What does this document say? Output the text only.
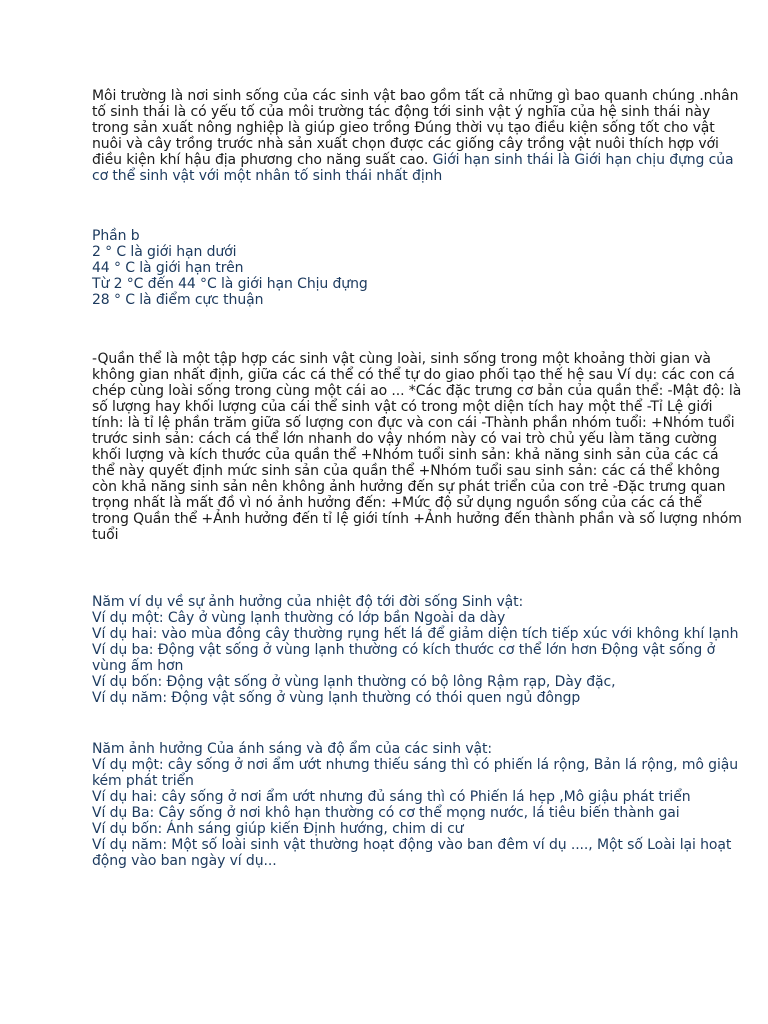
Môi trường là nơi sinh sống của các sinh vật bao gồm tất cả những gì bao quanh chúng .nhân tố sinh thái là có yếu tố của môi trường tác động tới sinh vật ý nghĩa của hệ sinh thái này trong sản xuất nông nghiệp là giúp gieo trồng Đúng thời vụ tạo điều kiện sống tốt cho vật nuôi và cây trồng trước nhà sản xuất chọn được các giống cây trồng vật nuôi thích hợp với điều kiện khí hậu địa phương cho năng suất cao. Giới hạn sinh thái là Giới hạn chịu đựng của cơ thể sinh vật với một nhân tố sinh thái nhất định

Phần b
2 ° C là giới hạn dưới
44 ° C là giới hạn trên
Từ 2 °C đến 44 °C là giới hạn Chịu đựng
28 ° C là điểm cực thuận

-Quần thể là một tập hợp các sinh vật cùng loài, sinh sống trong một khoảng thời gian và không gian nhất định, giữa các cá thể có thể tự do giao phối tạo thế hệ sau Ví dụ: các con cá chép cùng loài sống trong cùng một cái ao ... *Các đặc trưng cơ bản của quần thể: -Mật độ: là số lượng hay khối lượng của cái thể sinh vật có trong một diện tích hay một thể -Tỉ Lệ giới tính: là tỉ lệ phần trăm giữa số lượng con đực và con cái -Thành phần nhóm tuổi: +Nhóm tuổi trước sinh sản: cách cá thể lớn nhanh do vậy nhóm này có vai trò chủ yếu làm tăng cường khối lượng và kích thước của quần thể +Nhóm tuổi sinh sản: khả năng sinh sản của các cá thể này quyết định mức sinh sản của quần thể +Nhóm tuổi sau sinh sản: các cá thể không còn khả năng sinh sản nên không ảnh hưởng đến sự phát triển của con trẻ -Đặc trưng quan trọng nhất là mất đồ vì nó ảnh hưởng đến: +Mức độ sử dụng nguồn sống của các cá thể trong Quần thể +Ảnh hưởng đến tỉ lệ giới tính +Ảnh hưởng đến thành phần và số lượng nhóm tuổi

Năm ví dụ về sự ảnh hưởng của nhiệt độ tới đời sống Sinh vật:
Ví dụ một: Cây ở vùng lạnh thường có lớp bần Ngoài da dày
Ví dụ hai: vào mùa đông cây thường rụng hết lá để giảm diện tích tiếp xúc với không khí lạnh
Ví dụ ba: Động vật sống ở vùng lạnh thường có kích thước cơ thể lớn hơn Động vật sống ở vùng ấm hơn
Ví dụ bốn: Động vật sống ở vùng lạnh thường có bộ lông Rậm rạp, Dày đặc,
Ví dụ năm: Động vật sống ở vùng lạnh thường có thói quen ngủ đôngp
Năm ảnh hưởng Của ánh sáng và độ ẩm của các sinh vật:
Ví dụ một: cây sống ở nơi ẩm ướt nhưng thiếu sáng thì có phiến lá rộng, Bản lá rộng, mô giậu kém phát triển
Ví dụ hai: cây sống ở nơi ẩm ướt nhưng đủ sáng thì có Phiến lá hẹp ,Mô giậu phát triển
Ví dụ Ba: Cây sống ở nơi khô hạn thường có cơ thể mọng nước, lá tiêu biến thành gai
Ví dụ bốn: Ánh sáng giúp kiến Định hướng, chim di cư
Ví dụ năm: Một số loài sinh vật thường hoạt động vào ban đêm ví dụ ...., Một số Loài lại hoạt động vào ban ngày ví dụ...
